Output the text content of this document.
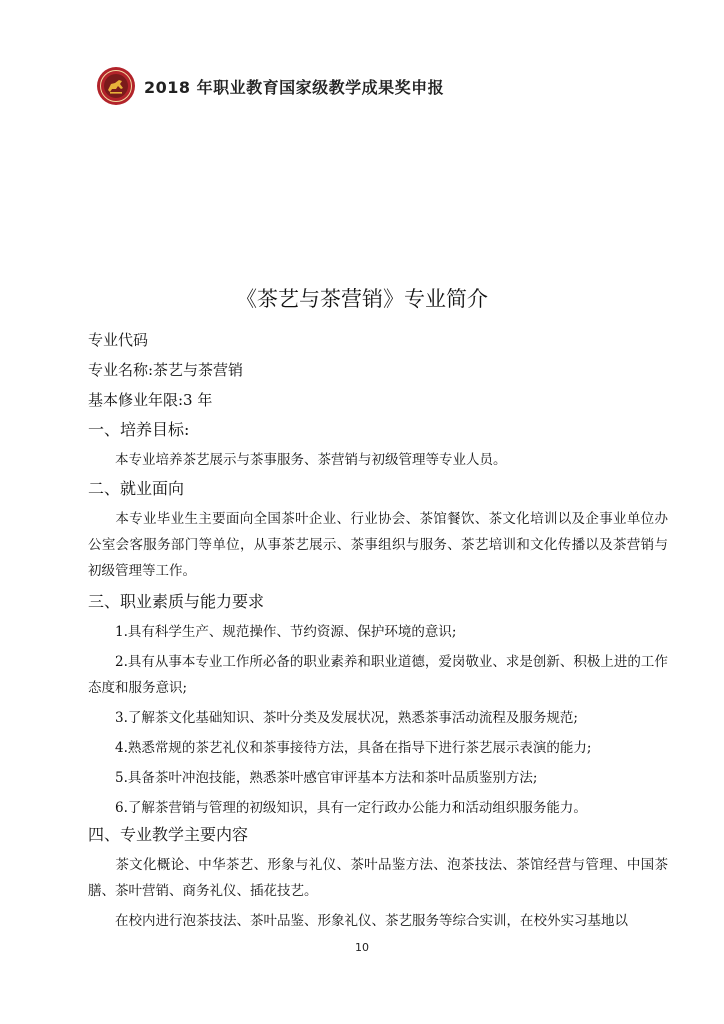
2018 年职业教育国家级教学成果奖申报
《茶艺与茶营销》专业简介
专业代码
专业名称:茶艺与茶营销
基本修业年限:3 年
一、培养目标:
本专业培养茶艺展示与茶事服务、茶营销与初级管理等专业人员。
二、就业面向
本专业毕业生主要面向全国茶叶企业、行业协会、茶馆餐饮、茶文化培训以及企事业单位办公室会客服务部门等单位，从事茶艺展示、茶事组织与服务、茶艺培训和文化传播以及茶营销与初级管理等工作。
三、职业素质与能力要求
1.具有科学生产、规范操作、节约资源、保护环境的意识;
2.具有从事本专业工作所必备的职业素养和职业道德，爱岗敬业、求是创新、积极上进的工作态度和服务意识;
3.了解茶文化基础知识、茶叶分类及发展状况，熟悉茶事活动流程及服务规范;
4.熟悉常规的茶艺礼仪和茶事接待方法，具备在指导下进行茶艺展示表演的能力;
5.具备茶叶冲泡技能，熟悉茶叶感官审评基本方法和茶叶品质鉴别方法;
6.了解茶营销与管理的初级知识，具有一定行政办公能力和活动组织服务能力。
四、专业教学主要内容
茶文化概论、中华茶艺、形象与礼仪、茶叶品鉴方法、泡茶技法、茶馆经营与管理、中国茶膳、茶叶营销、商务礼仪、插花技艺。
在校内进行泡茶技法、茶叶品鉴、形象礼仪、茶艺服务等综合实训，在校外实习基地以
10
